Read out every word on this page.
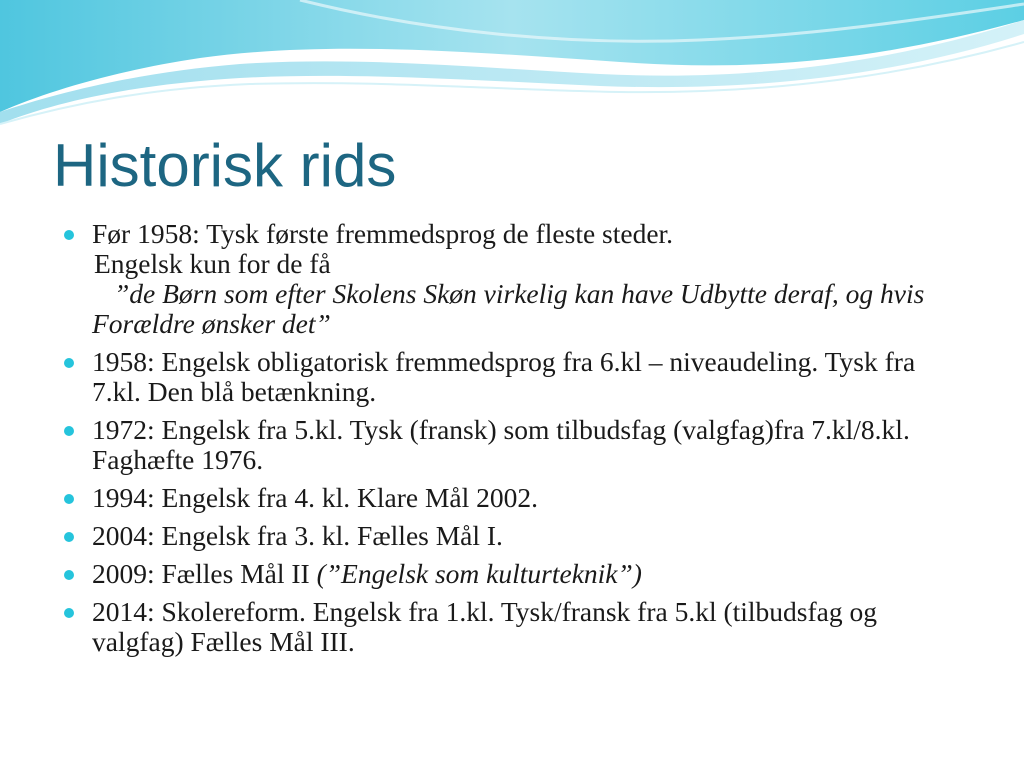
Historisk rids
Før 1958: Tysk første fremmedsprog de fleste steder.
Engelsk kun for de få
”de Børn som efter Skolens Skøn virkelig kan have Udbytte deraf, og hvis Forældre ønsker det”
1958: Engelsk obligatorisk fremmedsprog fra 6.kl – niveaudeling. Tysk fra 7.kl. Den blå betænkning.
1972: Engelsk fra 5.kl. Tysk (fransk) som tilbudsfag (valgfag)fra 7.kl/8.kl. Faghæfte 1976.
1994: Engelsk fra 4. kl. Klare Mål 2002.
2004: Engelsk fra 3. kl. Fælles Mål I.
2009: Fælles Mål II (”Engelsk som kulturteknik”)
2014: Skolereform. Engelsk fra 1.kl. Tysk/fransk fra 5.kl (tilbudsfag og valgfag) Fælles Mål III.
